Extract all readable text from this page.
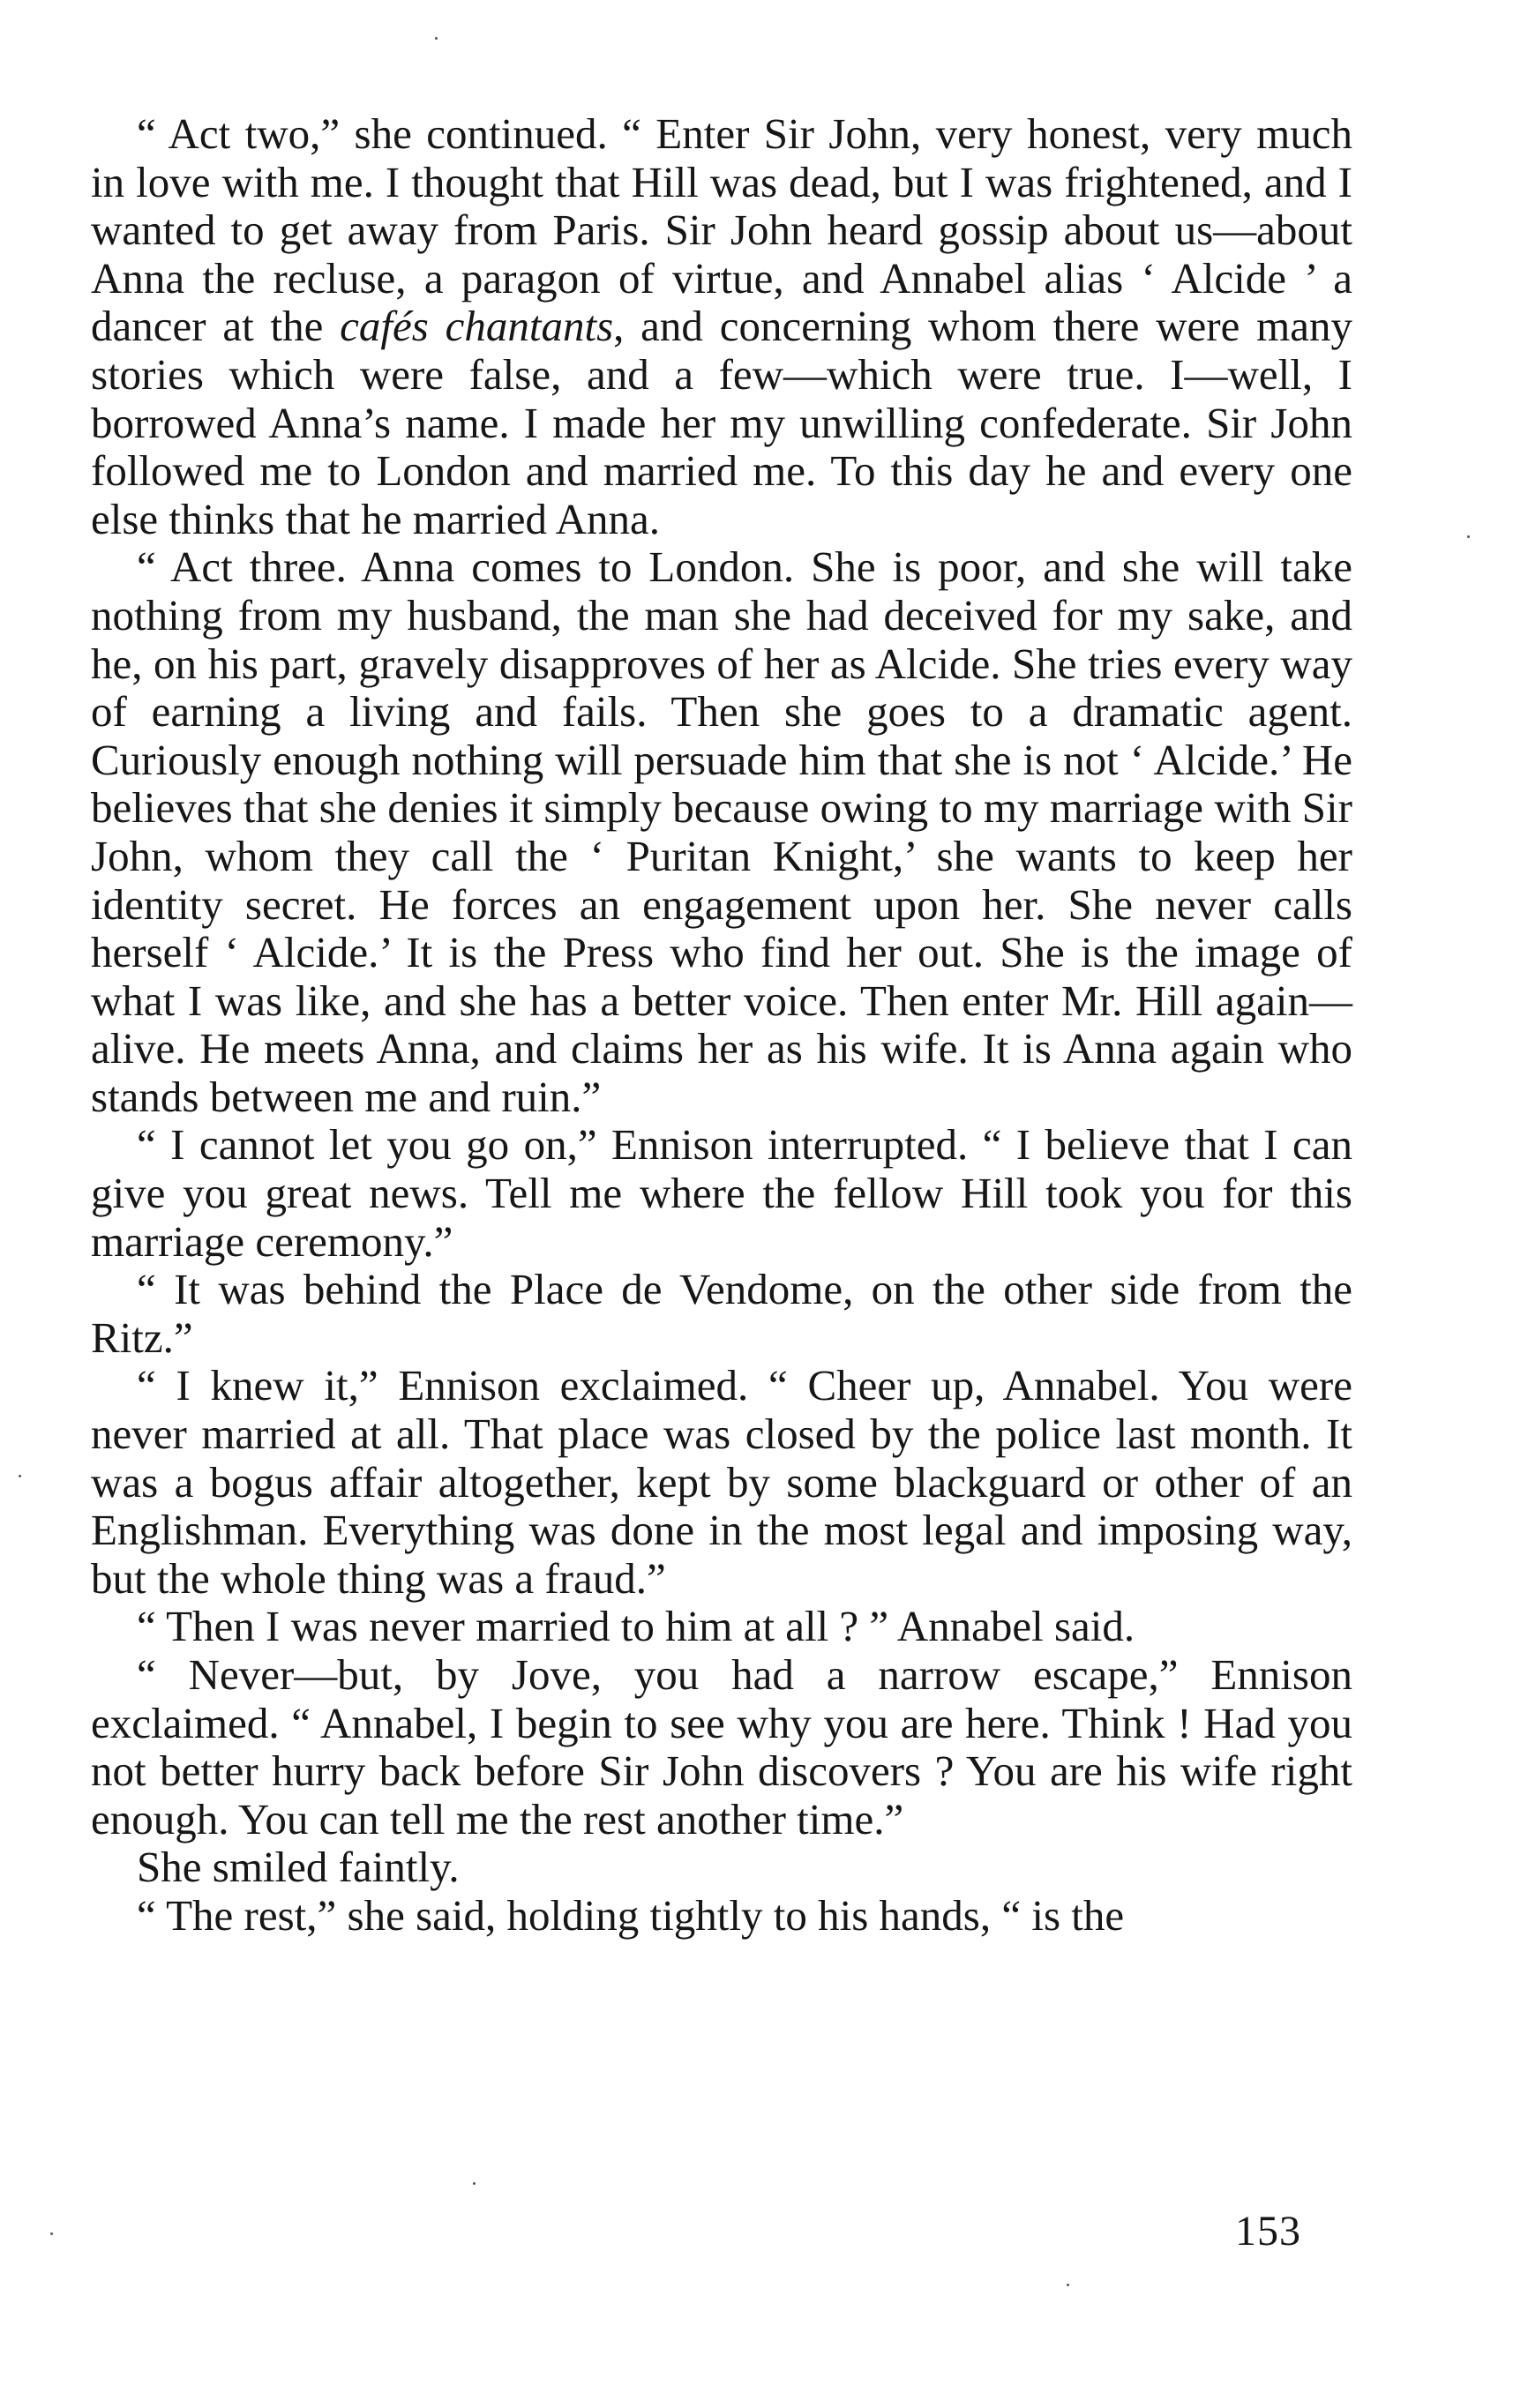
“ Act two,” she continued. “ Enter Sir John, very honest, very much in love with me. I thought that Hill was dead, but I was frightened, and I wanted to get away from Paris. Sir John heard gossip about us—about Anna the recluse, a paragon of virtue, and Annabel alias ‘ Alcide ’ a dancer at the cafés chantants, and concerning whom there were many stories which were false, and a few—which were true. I—well, I borrowed Anna’s name. I made her my unwilling confederate. Sir John followed me to London and married me. To this day he and every one else thinks that he married Anna.

“ Act three. Anna comes to London. She is poor, and she will take nothing from my husband, the man she had deceived for my sake, and he, on his part, gravely disapproves of her as Alcide. She tries every way of earning a living and fails. Then she goes to a dramatic agent. Curiously enough nothing will persuade him that she is not ‘ Alcide.’ He believes that she denies it simply because owing to my marriage with Sir John, whom they call the ‘ Puritan Knight,’ she wants to keep her identity secret. He forces an engagement upon her. She never calls herself ‘ Alcide.’ It is the Press who find her out. She is the image of what I was like, and she has a better voice. Then enter Mr. Hill again—alive. He meets Anna, and claims her as his wife. It is Anna again who stands between me and ruin.”

“ I cannot let you go on,” Ennison interrupted. “ I believe that I can give you great news. Tell me where the fellow Hill took you for this marriage ceremony.”

“ It was behind the Place de Vendome, on the other side from the Ritz.”

“ I knew it,” Ennison exclaimed. “ Cheer up, Annabel. You were never married at all. That place was closed by the police last month. It was a bogus affair altogether, kept by some blackguard or other of an Englishman. Everything was done in the most legal and imposing way, but the whole thing was a fraud.”

“ Then I was never married to him at all ? ” Annabel said.

“ Never—but, by Jove, you had a narrow escape,” Ennison exclaimed. “ Annabel, I begin to see why you are here. Think ! Had you not better hurry back before Sir John discovers ? You are his wife right enough. You can tell me the rest another time.”

She smiled faintly.

“ The rest,” she said, holding tightly to his hands, “ is the

153
